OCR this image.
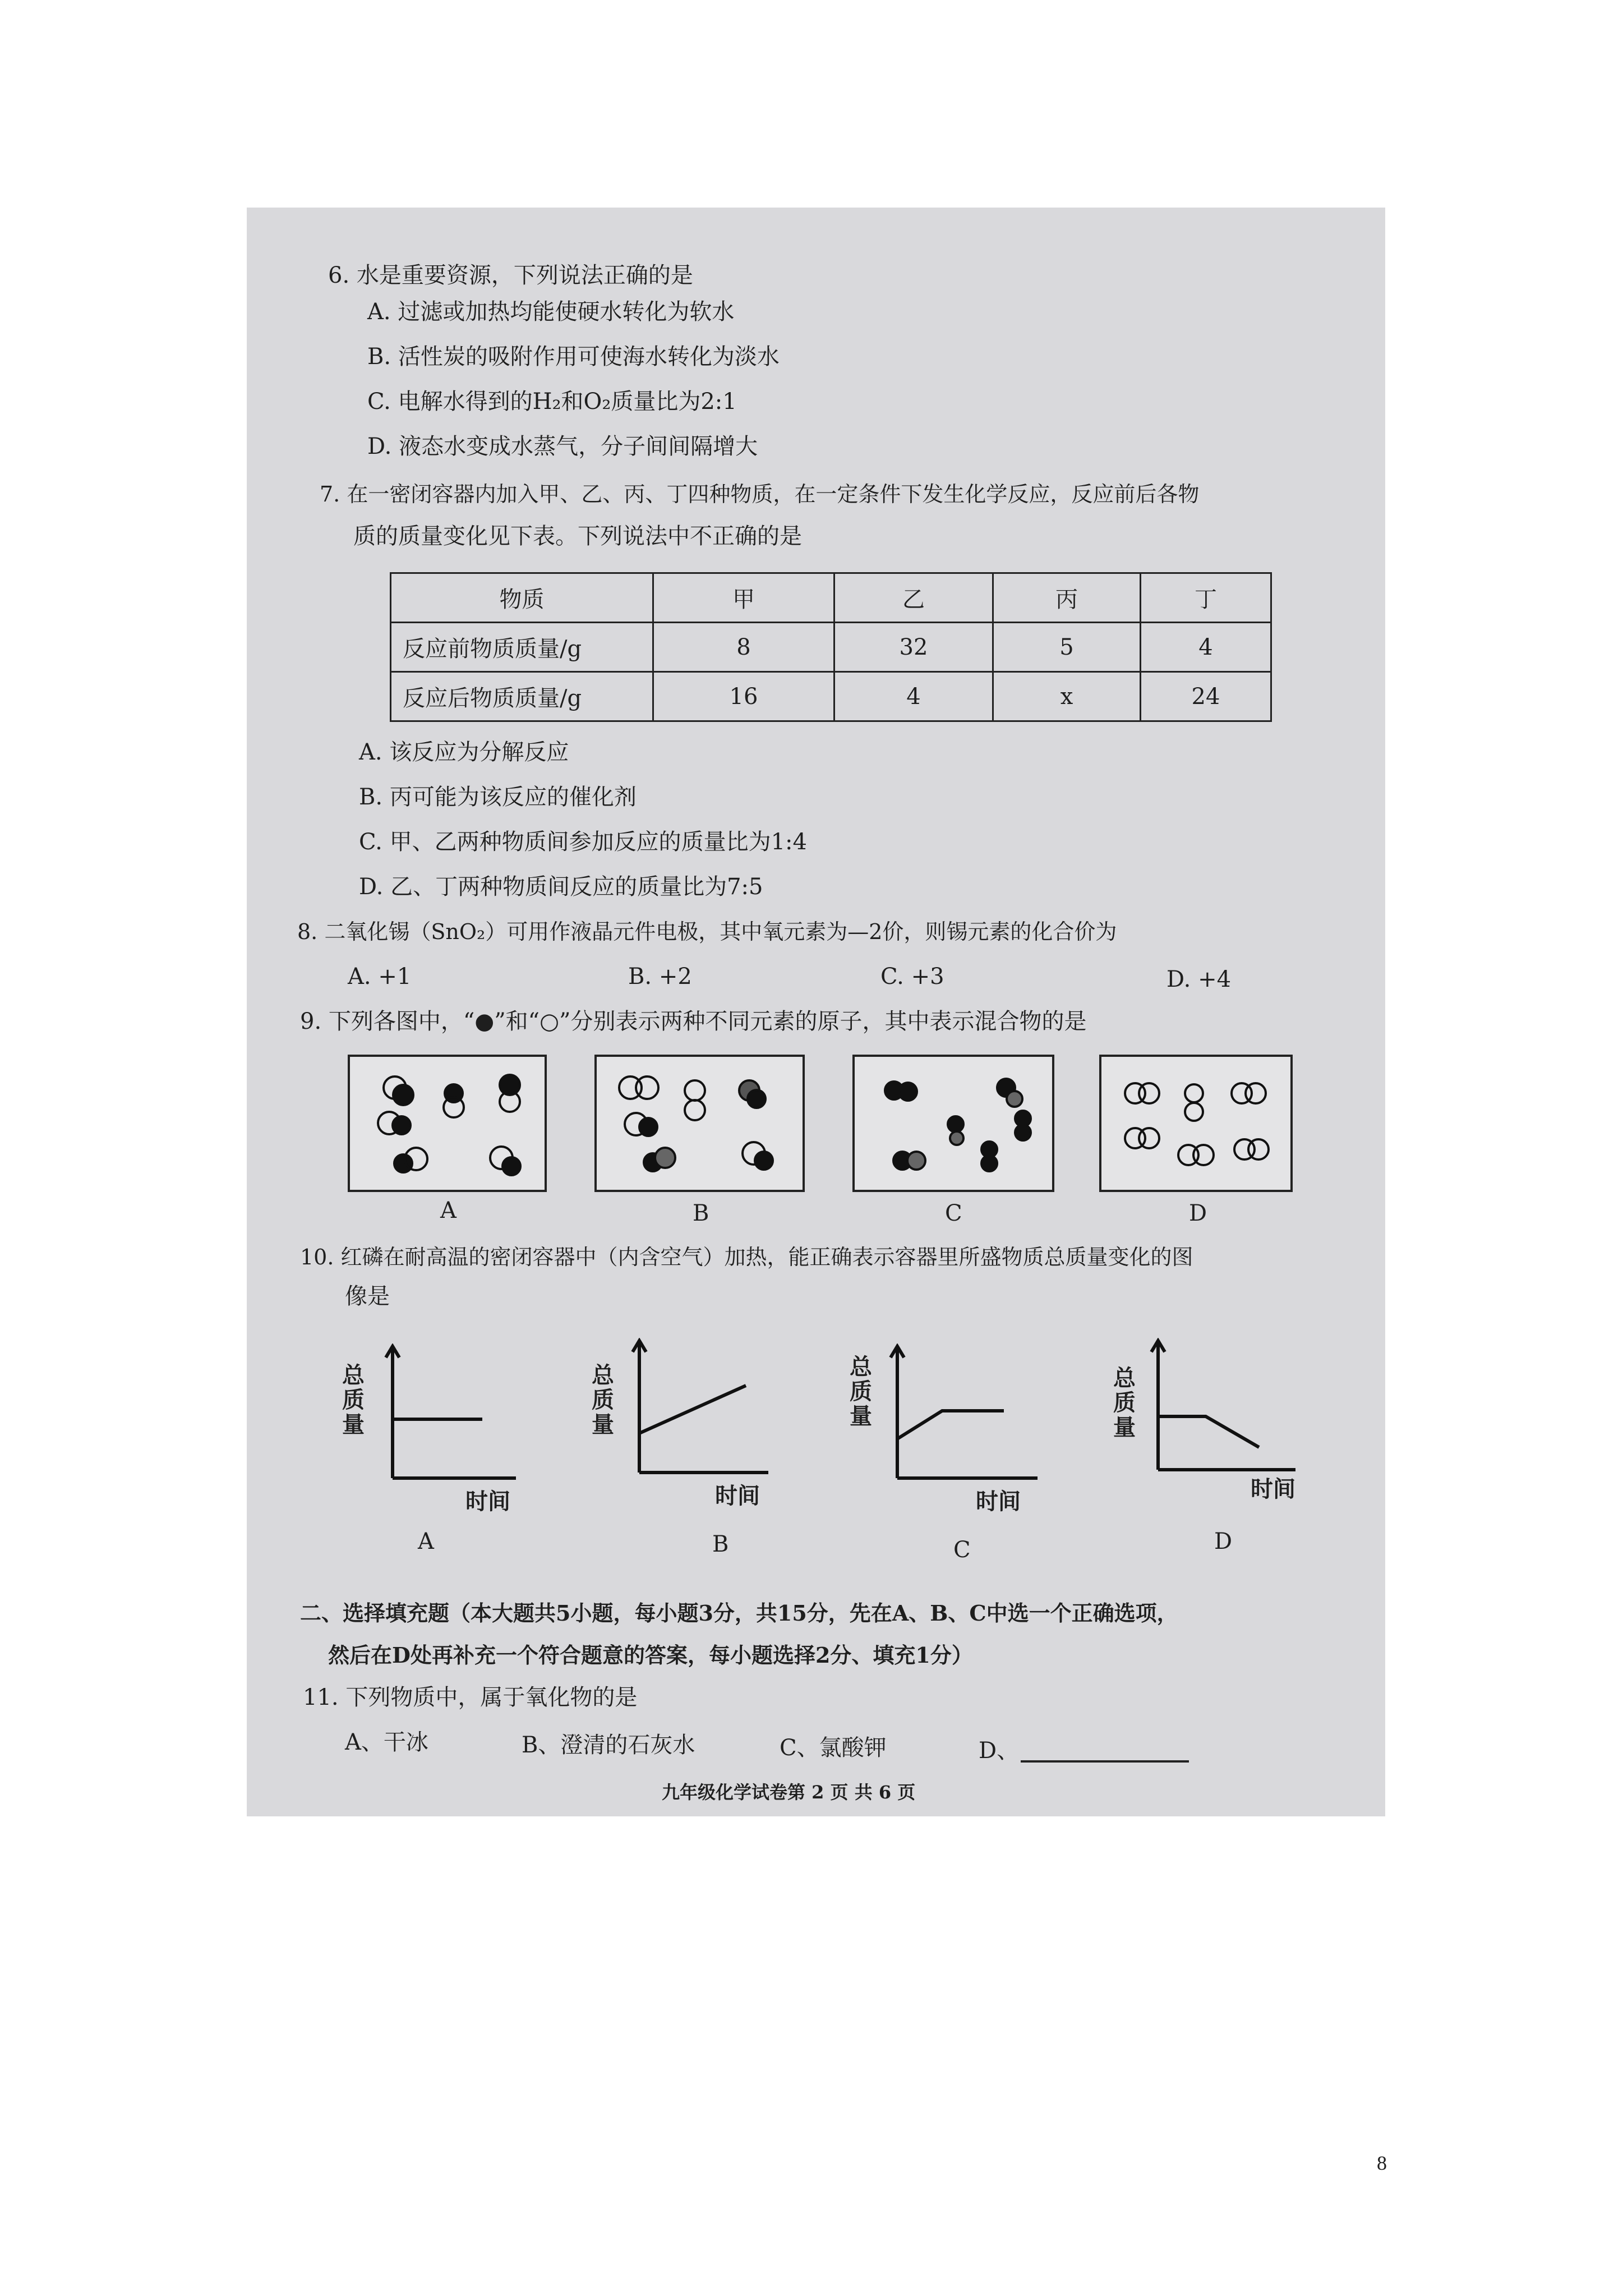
6. 水是重要资源，下列说法正确的是
A. 过滤或加热均能使硬水转化为软水
B. 活性炭的吸附作用可使海水转化为淡水
C. 电解水得到的H₂和O₂质量比为2:1
D. 液态水变成水蒸气，分子间间隔增大
7. 在一密闭容器内加入甲、乙、丙、丁四种物质，在一定条件下发生化学反应，反应前后各物
质的质量变化见下表。下列说法中不正确的是
物质	甲	乙	丙	丁
反应前物质质量/g	8	32	5	4
反应后物质质量/g	16	4	x	24
A. 该反应为分解反应
B. 丙可能为该反应的催化剂
C. 甲、乙两种物质间参加反应的质量比为1:4
D. 乙、丁两种物质间反应的质量比为7:5
8. 二氧化锡（SnO₂）可用作液晶元件电极，其中氧元素为—2价，则锡元素的化合价为
A. +1	B. +2	C. +3	D. +4
9. 下列各图中，“●”和“○”分别表示两种不同元素的原子，其中表示混合物的是
A	B	C	D
10. 红磷在耐高温的密闭容器中（内含空气）加热，能正确表示容器里所盛物质总质量变化的图
像是
总质量
时间
A
总质量
时间
B
总质量
时间
C
总质量
时间
D
二、选择填充题（本大题共5小题，每小题3分，共15分，先在A、B、C中选一个正确选项，
然后在D处再补充一个符合题意的答案，每小题选择2分、填充1分）
11. 下列物质中，属于氧化物的是
A、干冰	B、澄清的石灰水	C、氯酸钾	D、
九年级化学试卷第 2 页 共 6 页
8
